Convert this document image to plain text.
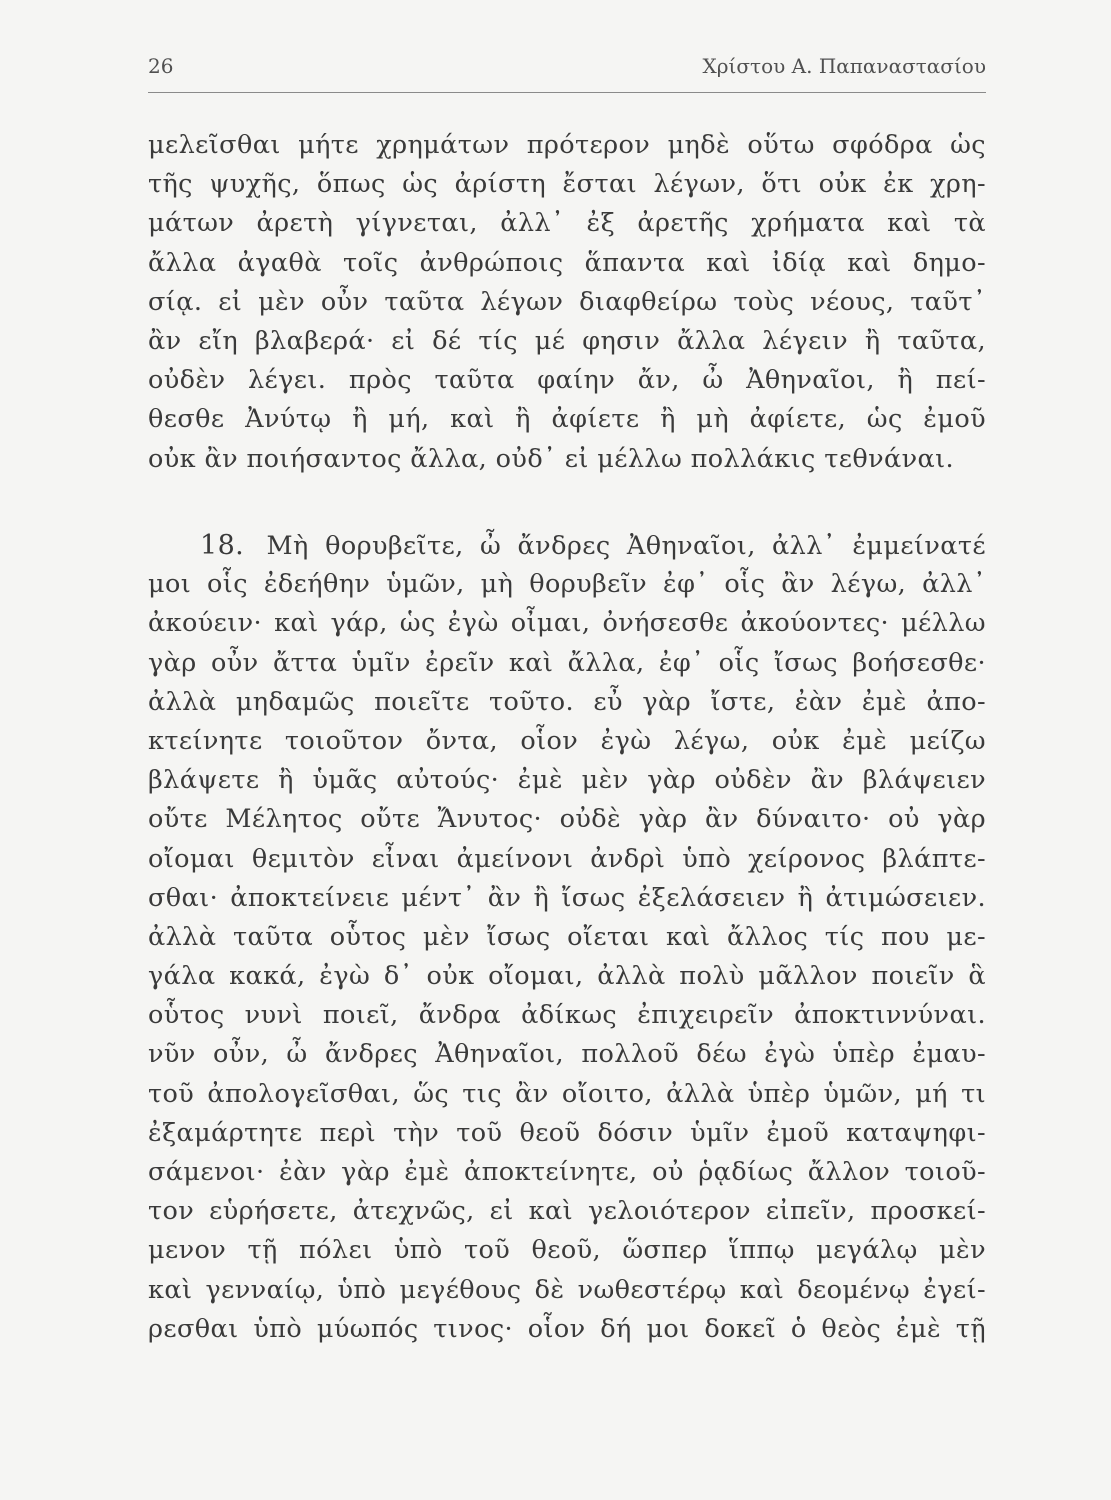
26	Χρίστου Α. Παπαναστασίου
μελεῖσθαι μήτε χρημάτων πρότερον μηδὲ οὕτω σφόδρα ὡς
τῆς ψυχῆς, ὅπως ὡς ἀρίστη ἔσται λέγων, ὅτι οὐκ ἐκ χρη-
μάτων ἀρετὴ γίγνεται, ἀλλ᾽ ἐξ ἀρετῆς χρήματα καὶ τὰ
ἄλλα ἀγαθὰ τοῖς ἀνθρώποις ἅπαντα καὶ ἰδίᾳ καὶ δημο-
σίᾳ. εἰ μὲν οὖν ταῦτα λέγων διαφθείρω τοὺς νέους, ταῦτ᾽
ἂν εἴη βλαβερά· εἰ δέ τίς μέ φησιν ἄλλα λέγειν ἢ ταῦτα,
οὐδὲν λέγει. πρὸς ταῦτα φαίην ἄν, ὦ Ἀθηναῖοι, ἢ πεί-
θεσθε Ἀνύτῳ ἢ μή, καὶ ἢ ἀφίετε ἢ μὴ ἀφίετε, ὡς ἐμοῦ
οὐκ ἂν ποιήσαντος ἄλλα, οὐδ᾽ εἰ μέλλω πολλάκις τεθνάναι.
18. Μὴ θορυβεῖτε, ὦ ἄνδρες Ἀθηναῖοι, ἀλλ᾽ ἐμμείνατέ
μοι οἷς ἐδεήθην ὑμῶν, μὴ θορυβεῖν ἐφ᾽ οἷς ἂν λέγω, ἀλλ᾽
ἀκούειν· καὶ γάρ, ὡς ἐγὼ οἶμαι, ὀνήσεσθε ἀκούοντες· μέλλω
γὰρ οὖν ἄττα ὑμῖν ἐρεῖν καὶ ἄλλα, ἐφ᾽ οἷς ἴσως βοήσεσθε·
ἀλλὰ μηδαμῶς ποιεῖτε τοῦτο. εὖ γὰρ ἴστε, ἐὰν ἐμὲ ἀπο-
κτείνητε τοιοῦτον ὄντα, οἷον ἐγὼ λέγω, οὐκ ἐμὲ μείζω
βλάψετε ἢ ὑμᾶς αὐτούς· ἐμὲ μὲν γὰρ οὐδὲν ἂν βλάψειεν
οὔτε Μέλητος οὔτε Ἄνυτος· οὐδὲ γὰρ ἂν δύναιτο· οὐ γὰρ
οἴομαι θεμιτὸν εἶναι ἀμείνονι ἀνδρὶ ὑπὸ χείρονος βλάπτε-
σθαι· ἀποκτείνειε μέντ᾽ ἂν ἢ ἴσως ἐξελάσειεν ἢ ἀτιμώσειεν.
ἀλλὰ ταῦτα οὗτος μὲν ἴσως οἴεται καὶ ἄλλος τίς που με-
γάλα κακά, ἐγὼ δ᾽ οὐκ οἴομαι, ἀλλὰ πολὺ μᾶλλον ποιεῖν ἃ
οὗτος νυνὶ ποιεῖ, ἄνδρα ἀδίκως ἐπιχειρεῖν ἀποκτιννύναι.
νῦν οὖν, ὦ ἄνδρες Ἀθηναῖοι, πολλοῦ δέω ἐγὼ ὑπὲρ ἐμαυ-
τοῦ ἀπολογεῖσθαι, ὥς τις ἂν οἴοιτο, ἀλλὰ ὑπὲρ ὑμῶν, μή τι
ἐξαμάρτητε περὶ τὴν τοῦ θεοῦ δόσιν ὑμῖν ἐμοῦ καταψηφι-
σάμενοι· ἐὰν γὰρ ἐμὲ ἀποκτείνητε, οὐ ῥᾳδίως ἄλλον τοιοῦ-
τον εὑρήσετε, ἀτεχνῶς, εἰ καὶ γελοιότερον εἰπεῖν, προσκεί-
μενον τῇ πόλει ὑπὸ τοῦ θεοῦ, ὥσπερ ἵππῳ μεγάλῳ μὲν
καὶ γενναίῳ, ὑπὸ μεγέθους δὲ νωθεστέρῳ καὶ δεομένῳ ἐγεί-
ρεσθαι ὑπὸ μύωπός τινος· οἷον δή μοι δοκεῖ ὁ θεὸς ἐμὲ τῇ
